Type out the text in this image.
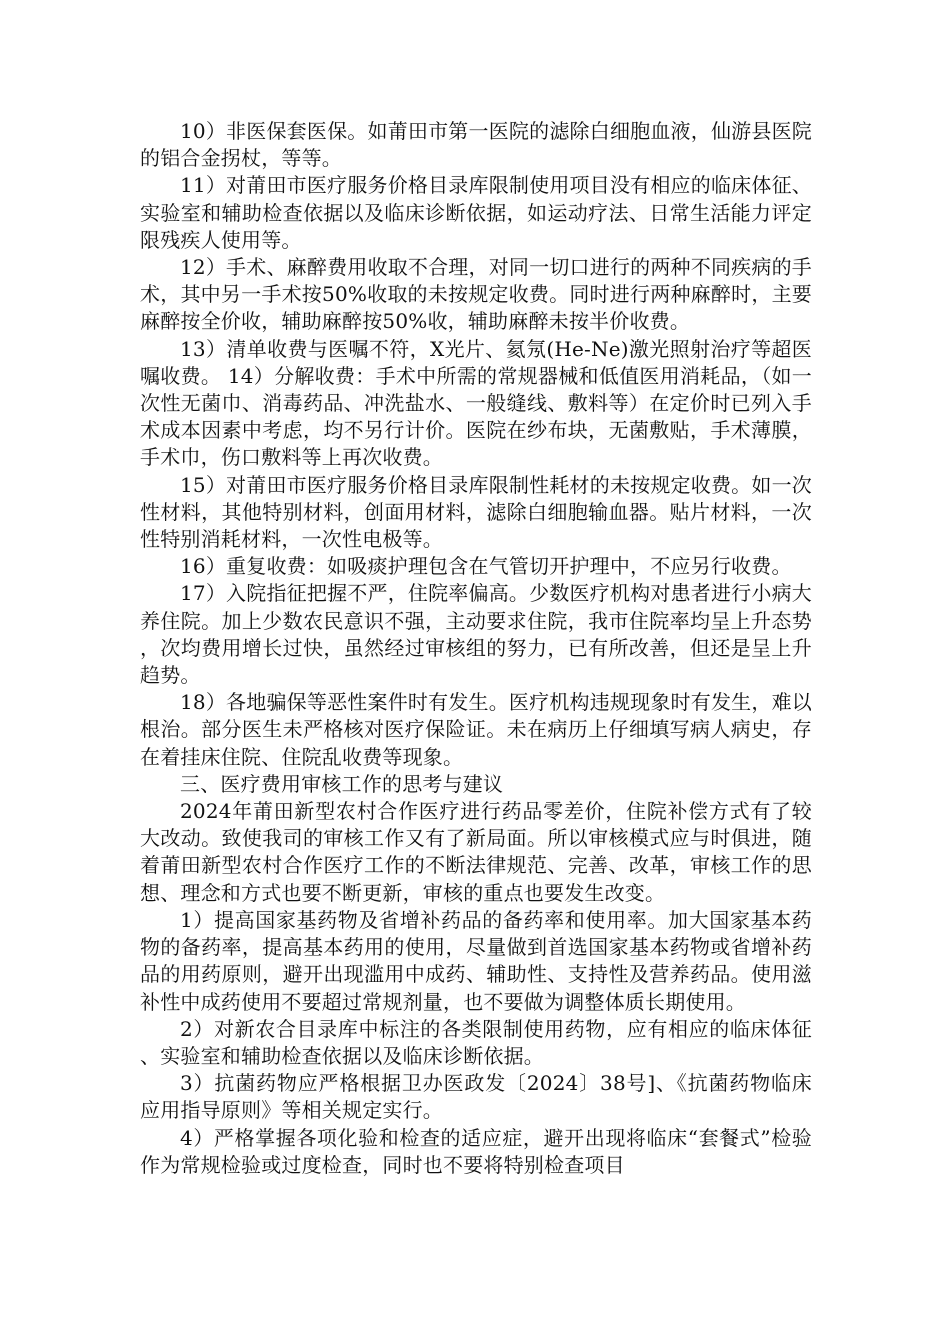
10）非医保套医保。如莆田市第一医院的滤除白细胞血液，仙游县医院的铝合金拐杖，等等。

11）对莆田市医疗服务价格目录库限制使用项目没有相应的临床体征、实验室和辅助检查依据以及临床诊断依据，如运动疗法、日常生活能力评定限残疾人使用等。

12）手术、麻醉费用收取不合理，对同一切口进行的两种不同疾病的手术，其中另一手术按50%收取的未按规定收费。同时进行两种麻醉时，主要麻醉按全价收，辅助麻醉按50%收，辅助麻醉未按半价收费。

13）清单收费与医嘱不符，X光片、氦氖(He-Ne)激光照射治疗等超医嘱收费。 14）分解收费：手术中所需的常规器械和低值医用消耗品，（如一次性无菌巾、消毒药品、冲洗盐水、一般缝线、敷料等）在定价时已列入手术成本因素中考虑，均不另行计价。医院在纱布块，无菌敷贴，手术薄膜，手术巾，伤口敷料等上再次收费。

15）对莆田市医疗服务价格目录库限制性耗材的未按规定收费。如一次性材料，其他特别材料，创面用材料，滤除白细胞输血器。贴片材料，一次性特别消耗材料，一次性电极等。

16）重复收费：如吸痰护理包含在气管切开护理中，不应另行收费。

17）入院指征把握不严，住院率偏高。少数医疗机构对患者进行小病大养住院。加上少数农民意识不强，主动要求住院，我市住院率均呈上升态势，次均费用增长过快，虽然经过审核组的努力，已有所改善，但还是呈上升趋势。

18）各地骗保等恶性案件时有发生。医疗机构违规现象时有发生，难以根治。部分医生未严格核对医疗保险证。未在病历上仔细填写病人病史，存在着挂床住院、住院乱收费等现象。

三、医疗费用审核工作的思考与建议

2024年莆田新型农村合作医疗进行药品零差价，住院补偿方式有了较大改动。致使我司的审核工作又有了新局面。所以审核模式应与时俱进，随着莆田新型农村合作医疗工作的不断法律规范、完善、改革，审核工作的思想、理念和方式也要不断更新，审核的重点也要发生改变。

1）提高国家基药物及省增补药品的备药率和使用率。加大国家基本药物的备药率，提高基本药用的使用，尽量做到首选国家基本药物或省增补药品的用药原则，避开出现滥用中成药、辅助性、支持性及营养药品。使用滋补性中成药使用不要超过常规剂量，也不要做为调整体质长期使用。

2）对新农合目录库中标注的各类限制使用药物，应有相应的临床体征、实验室和辅助检查依据以及临床诊断依据。

3）抗菌药物应严格根据卫办医政发〔2024〕38号]、《抗菌药物临床应用指导原则》等相关规定实行。

4）严格掌握各项化验和检查的适应症，避开出现将临床“套餐式”检验作为常规检验或过度检查，同时也不要将特别检查项目
